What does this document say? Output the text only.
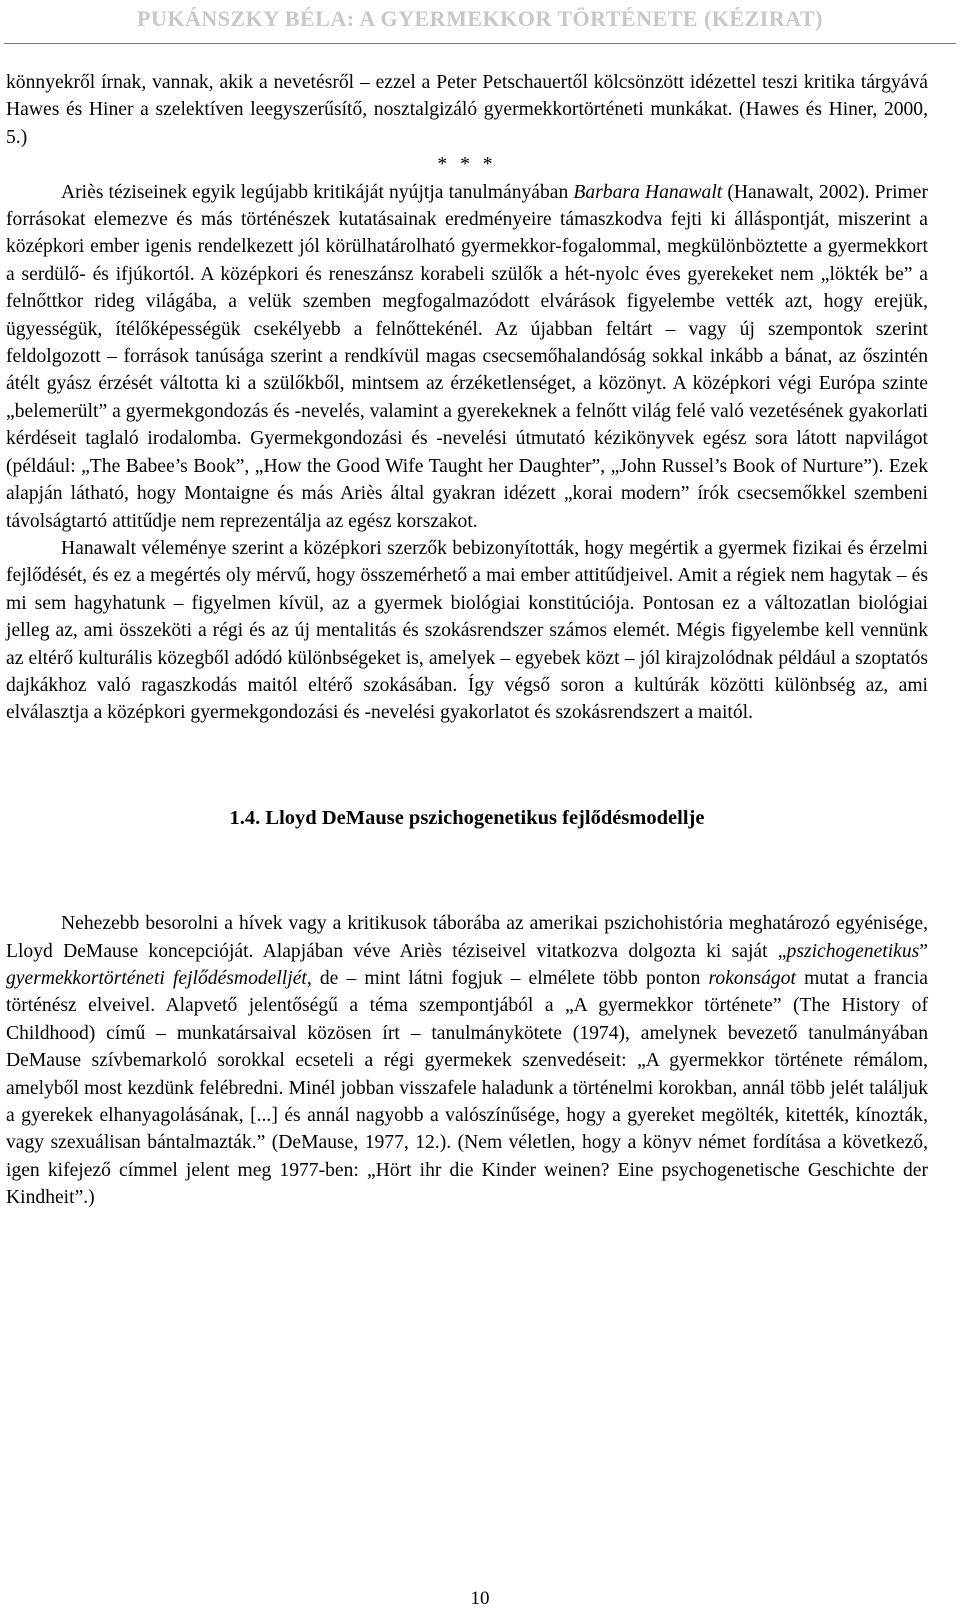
PUKÁNSZKY BÉLA: A GYERMEKKOR TÖRTÉNETE (KÉZIRAT)

könnyekről írnak, vannak, akik a nevetésről – ezzel a Peter Petschauertől kölcsönzött idézettel teszi kritika tárgyává Hawes és Hiner a szelektíven leegyszerűsítő, nosztalgizáló gyermekkortörténeti munkákat. (Hawes és Hiner, 2000, 5.)

* * *

Ariès téziseinek egyik legújabb kritikáját nyújtja tanulmányában Barbara Hanawalt (Hanawalt, 2002). Primer forrásokat elemezve és más történészek kutatásainak eredményeire támaszkodva fejti ki álláspontját, miszerint a középkori ember igenis rendelkezett jól körülhatárolható gyermekkor-fogalommal, megkülönböztette a gyermekkort a serdülő- és ifjúkortól. A középkori és reneszánsz korabeli szülők a hét-nyolc éves gyerekeket nem „lökték be” a felnőttkor rideg világába, a velük szemben megfogalmazódott elvárások figyelembe vették azt, hogy erejük, ügyességük, ítélőképességük csekélyebb a felnőttekénél. Az újabban feltárt – vagy új szempontok szerint feldolgozott – források tanúsága szerint a rendkívül magas csecsemőhalandóság sokkal inkább a bánat, az őszintén átélt gyász érzését váltotta ki a szülőkből, mintsem az érzéketlenséget, a közönyt. A középkori végi Európa szinte „belemerült” a gyermekgondozás és -nevelés, valamint a gyerekeknek a felnőtt világ felé való vezetésének gyakorlati kérdéseit taglaló irodalomba. Gyermekgondozási és -nevelési útmutató kézikönyvek egész sora látott napvilágot (például: „The Babee’s Book”, „How the Good Wife Taught her Daughter”, „John Russel’s Book of Nurture”). Ezek alapján látható, hogy Montaigne és más Ariès által gyakran idézett „korai modern” írók csecsemőkkel szembeni távolságtartó attitűdje nem reprezentálja az egész korszakot.

Hanawalt véleménye szerint a középkori szerzők bebizonyították, hogy megértik a gyermek fizikai és érzelmi fejlődését, és ez a megértés oly mérvű, hogy összemérhető a mai ember attitűdjeivel. Amit a régiek nem hagytak – és mi sem hagyhatunk – figyelmen kívül, az a gyermek biológiai konstitúciója. Pontosan ez a változatlan biológiai jelleg az, ami összeköti a régi és az új mentalitás és szokásrendszer számos elemét. Mégis figyelembe kell vennünk az eltérő kulturális közegből adódó különbségeket is, amelyek – egyebek közt – jól kirajzolódnak például a szoptatós dajkákhoz való ragaszkodás maitól eltérő szokásában. Így végső soron a kultúrák közötti különbség az, ami elválasztja a középkori gyermekgondozási és -nevelési gyakorlatot és szokásrendszert a maitól.

1.4. Lloyd DeMause pszichogenetikus fejlődésmodellje

Nehezebb besorolni a hívek vagy a kritikusok táborába az amerikai pszichohistória meghatározó egyénisége, Lloyd DeMause koncepcióját. Alapjában véve Ariès téziseivel vitatkozva dolgozta ki saját „pszichogenetikus” gyermekkortörténeti fejlődésmodelljét, de – mint látni fogjuk – elmélete több ponton rokonságot mutat a francia történész elveivel. Alapvető jelentőségű a téma szempontjából a „A gyermekkor története” (The History of Childhood) című – munkatársaival közösen írt – tanulmánykötete (1974), amelynek bevezető tanulmányában DeMause szívbemarkoló sorokkal ecseteli a régi gyermekek szenvedéseit: „A gyermekkor története rémálom, amelyből most kezdünk felébredni. Minél jobban visszafele haladunk a történelmi korokban, annál több jelét találjuk a gyerekek elhanyagolásának, [...] és annál nagyobb a valószínűsége, hogy a gyereket megölték, kitették, kínozták, vagy szexuálisan bántalmazták.” (DeMause, 1977, 12.). (Nem véletlen, hogy a könyv német fordítása a következő, igen kifejező címmel jelent meg 1977-ben: „Hört ihr die Kinder weinen? Eine psychogenetische Geschichte der Kindheit”.)

10
